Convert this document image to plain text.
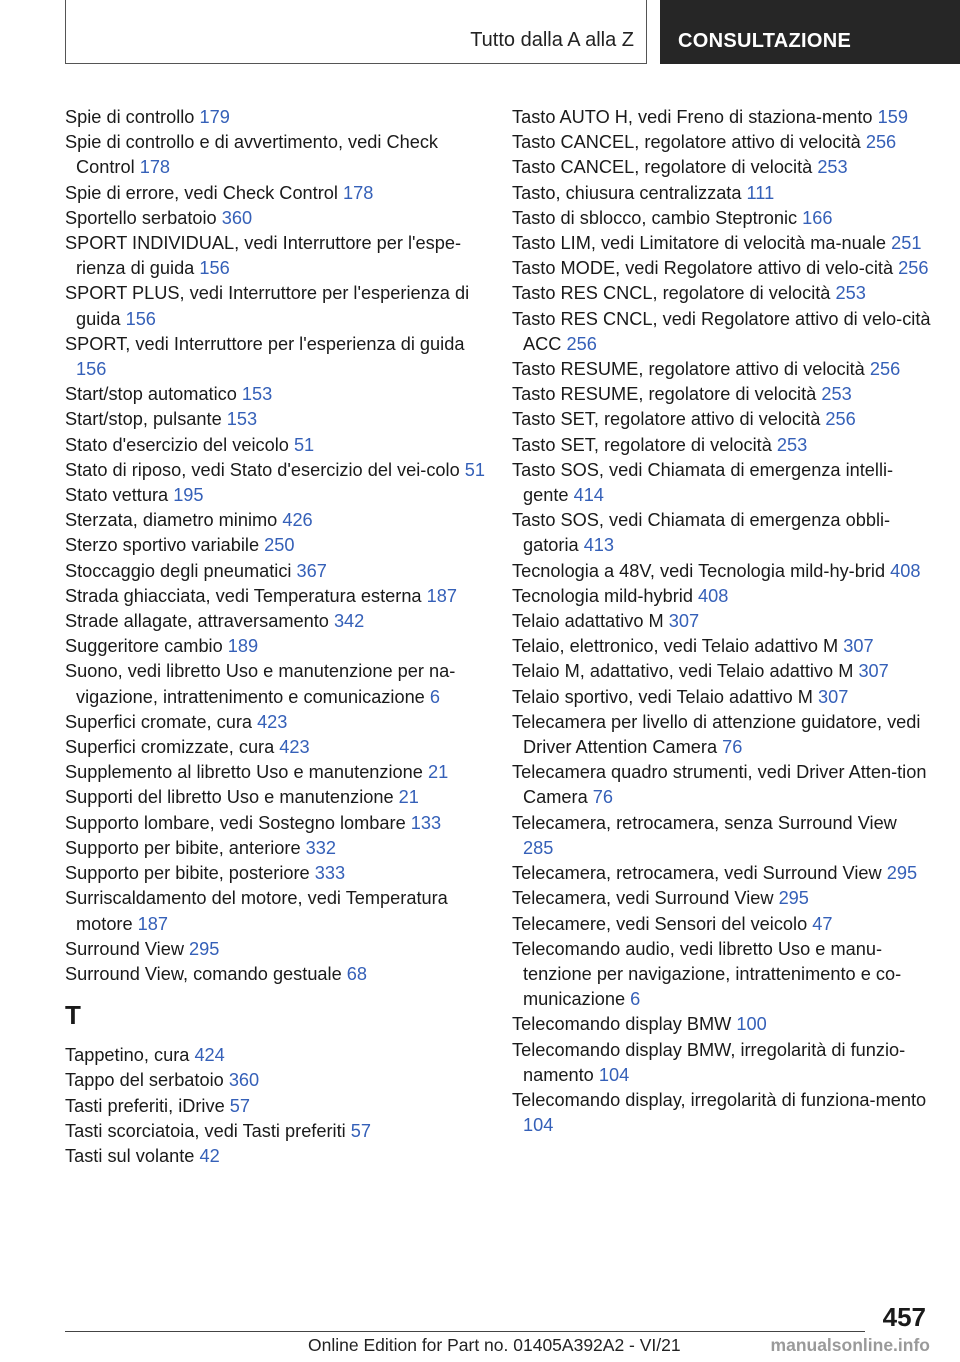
Tutto dalla A alla Z CONSULTAZIONE
Spie di controllo 179
Spie di controllo e di avvertimento, vedi Check Control 178
Spie di errore, vedi Check Control 178
Sportello serbatoio 360
SPORT INDIVIDUAL, vedi Interruttore per l'espe‐rienza di guida 156
SPORT PLUS, vedi Interruttore per l'esperienza di guida 156
SPORT, vedi Interruttore per l'esperienza di guida 156
Start/stop automatico 153
Start/stop, pulsante 153
Stato d'esercizio del veicolo 51
Stato di riposo, vedi Stato d'esercizio del vei‐colo 51
Stato vettura 195
Sterzata, diametro minimo 426
Sterzo sportivo variabile 250
Stoccaggio degli pneumatici 367
Strada ghiacciata, vedi Temperatura esterna 187
Strade allagate, attraversamento 342
Suggeritore cambio 189
Suono, vedi libretto Uso e manutenzione per na‐vigazione, intrattenimento e comunicazione 6
Superfici cromate, cura 423
Superfici cromizzate, cura 423
Supplemento al libretto Uso e manutenzione 21
Supporti del libretto Uso e manutenzione 21
Supporto lombare, vedi Sostegno lombare 133
Supporto per bibite, anteriore 332
Supporto per bibite, posteriore 333
Surriscaldamento del motore, vedi Temperatura motore 187
Surround View 295
Surround View, comando gestuale 68
T
Tappetino, cura 424
Tappo del serbatoio 360
Tasti preferiti, iDrive 57
Tasti scorciatoia, vedi Tasti preferiti 57
Tasti sul volante 42
Tasto AUTO H, vedi Freno di staziona‐mento 159
Tasto CANCEL, regolatore attivo di velocità 256
Tasto CANCEL, regolatore di velocità 253
Tasto, chiusura centralizzata 111
Tasto di sblocco, cambio Steptronic 166
Tasto LIM, vedi Limitatore di velocità ma‐nuale 251
Tasto MODE, vedi Regolatore attivo di velo‐cità 256
Tasto RES CNCL, regolatore di velocità 253
Tasto RES CNCL, vedi Regolatore attivo di velo‐cità ACC 256
Tasto RESUME, regolatore attivo di velocità 256
Tasto RESUME, regolatore di velocità 253
Tasto SET, regolatore attivo di velocità 256
Tasto SET, regolatore di velocità 253
Tasto SOS, vedi Chiamata di emergenza intelli‐gente 414
Tasto SOS, vedi Chiamata di emergenza obbli‐gatoria 413
Tecnologia a 48V, vedi Tecnologia mild-hy‐brid 408
Tecnologia mild-hybrid 408
Telaio adattativo M 307
Telaio, elettronico, vedi Telaio adattivo M 307
Telaio M, adattativo, vedi Telaio adattivo M 307
Telaio sportivo, vedi Telaio adattivo M 307
Telecamera per livello di attenzione guidatore, vedi Driver Attention Camera 76
Telecamera quadro strumenti, vedi Driver Atten‐tion Camera 76
Telecamera, retrocamera, senza Surround View 285
Telecamera, retrocamera, vedi Surround View 295
Telecamera, vedi Surround View 295
Telecamere, vedi Sensori del veicolo 47
Telecomando audio, vedi libretto Uso e manu‐tenzione per navigazione, intrattenimento e co‐municazione 6
Telecomando display BMW 100
Telecomando display BMW, irregolarità di funzio‐namento 104
Telecomando display, irregolarità di funziona‐mento 104
457
Online Edition for Part no. 01405A392A2 - VI/21	manualsonline.info
